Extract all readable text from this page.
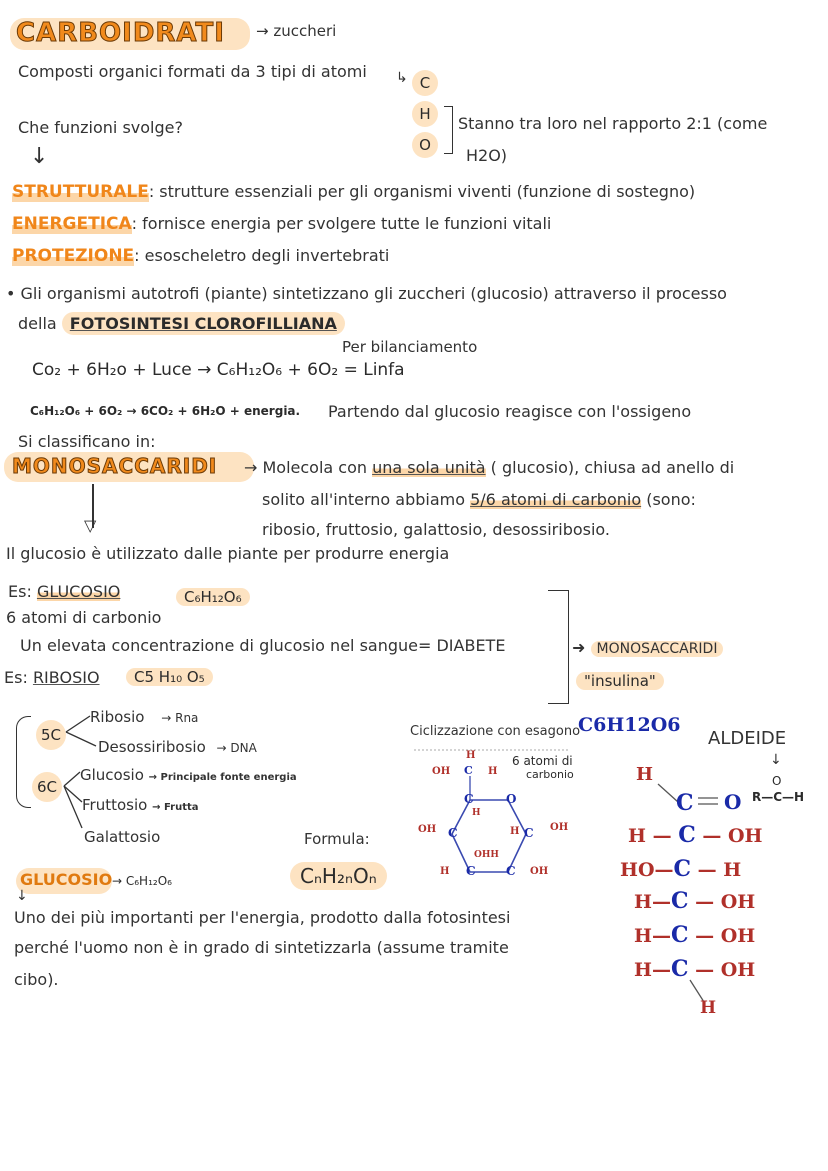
CARBOIDRATI → zuccheri
Composti organici formati da 3 tipi di atomi ↳ C
H
O
Stanno tra loro nel rapporto 2:1 (come
H2O)
Che funzioni svolge?
↓
STRUTTURALE: strutture essenziali per gli organismi viventi (funzione di sostegno)
ENERGETICA: fornisce energia per svolgere tutte le funzioni vitali
PROTEZIONE: esoscheletro degli invertebrati
• Gli organismi autotrofi (piante) sintetizzano gli zuccheri (glucosio) attraverso il processo
della FOTOSINTESI CLOROFILLIANA
Per bilanciamento
Co₂ + 6H₂o + Luce → C₆H₁₂O₆ + 6O₂ = Linfa
C₆H₁₂O₆ + 6O₂ → 6CO₂ + 6H₂O + energia. Partendo dal glucosio reagisce con l'ossigeno
Si classificano in:
MONOSACCARIDI → Molecola con una sola unità ( glucosio), chiusa ad anello di
solito all'interno abbiamo 5/6 atomi di carbonio (sono:
ribosio, fruttosio, galattosio, desossiribosio.
▽
Il glucosio è utilizzato dalle piante per produrre energia
Es: GLUCOSIO	C₆H₁₂O₆
6 atomi di carbonio
Un elevata concentrazione di glucosio nel sangue= DIABETE
Es: RIBOSIO	C5 H₁₀ O₅
➜ MONOSACCARIDI
"insulina"
5C
6C
Ribosio → Rna
Desossiribosio → DNA
Glucosio → Principale fonte energia
Fruttosio → Frutta
Galattosio	Formula:
CₙH₂ₙOₙ
Ciclizzazione con esagono
6 atomi di
carbonio
H
OH C H
C	O
H
OH C	H C OH
OHH
H C	C OH
C6H12O6
ALDEIDE
↓
O
R—C—H
H
C O
H — C — OH
HO—C — H
H—C — OH
H—C — OH
H—C — OH
H
GLUCOSIO → C₆H₁₂O₆
↓
Uno dei più importanti per l'energia, prodotto dalla fotosintesi
perché l'uomo non è in grado di sintetizzarla (assume tramite
cibo).
